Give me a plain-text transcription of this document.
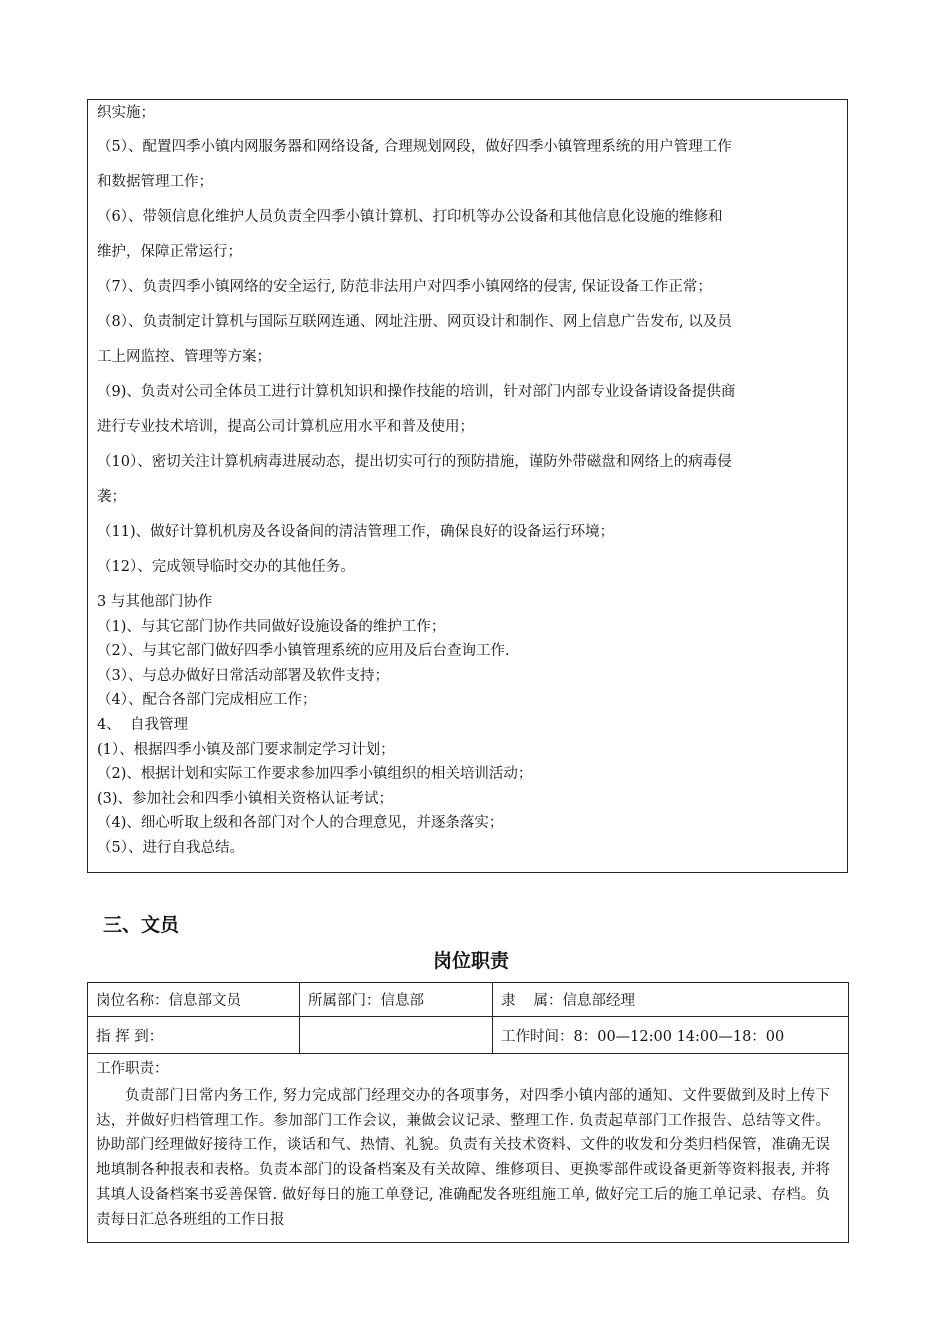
织实施；
（5）、配置四季小镇内网服务器和网络设备, 合理规划网段，做好四季小镇管理系统的用户管理工作
和数据管理工作；
（6）、带领信息化维护人员负责全四季小镇计算机、打印机等办公设备和其他信息化设施的维修和
维护，保障正常运行；
（7）、负责四季小镇网络的安全运行, 防范非法用户对四季小镇网络的侵害, 保证设备工作正常；
（8）、负责制定计算机与国际互联网连通、网址注册、网页设计和制作、网上信息广告发布, 以及员
工上网监控、管理等方案；
（9)、负责对公司全体员工进行计算机知识和操作技能的培训，针对部门内部专业设备请设备提供商
进行专业技术培训，提高公司计算机应用水平和普及使用；
（10）、密切关注计算机病毒进展动态，提出切实可行的预防措施，谨防外带磁盘和网络上的病毒侵
袭；
（11)、做好计算机机房及各设备间的清洁管理工作，确保良好的设备运行环境；
（12）、完成领导临时交办的其他任务。
3 与其他部门协作
（1)、与其它部门协作共同做好设施设备的维护工作；
（2）、与其它部门做好四季小镇管理系统的应用及后台查询工作.
（3）、与总办做好日常活动部署及软件支持；
（4）、配合各部门完成相应工作；
4、  自我管理
(1）、根据四季小镇及部门要求制定学习计划；
（2)、根据计划和实际工作要求参加四季小镇组织的相关培训活动；
(3)、参加社会和四季小镇相关资格认证考试；
（4)、细心听取上级和各部门对个人的合理意见，并逐条落实；
（5）、进行自我总结。
三、文员
岗位职责
岗位名称：信息部文员	所属部门：信息部	隶 属：信息部经理
指 挥 到：		工作时间：8：00—12:00 14:00—18：00

工作职责：
负责部门日常内务工作, 努力完成部门经理交办的各项事务，对四季小镇内部的通知、文件要做到及时上传下达，并做好归档管理工作。参加部门工作会议，兼做会议记录、整理工作. 负责起草部门工作报告、总结等文件。协助部门经理做好接待工作，谈话和气、热情、礼貌。负责有关技术资料、文件的收发和分类归档保管，准确无误地填制各种报表和表格。负责本部门的设备档案及有关故障、维修项目、更换零部件或设备更新等资料报表, 并将其填人设备档案书妥善保管. 做好每日的施工单登记, 准确配发各班组施工单, 做好完工后的施工单记录、存档。负责每日汇总各班组的工作日报		
